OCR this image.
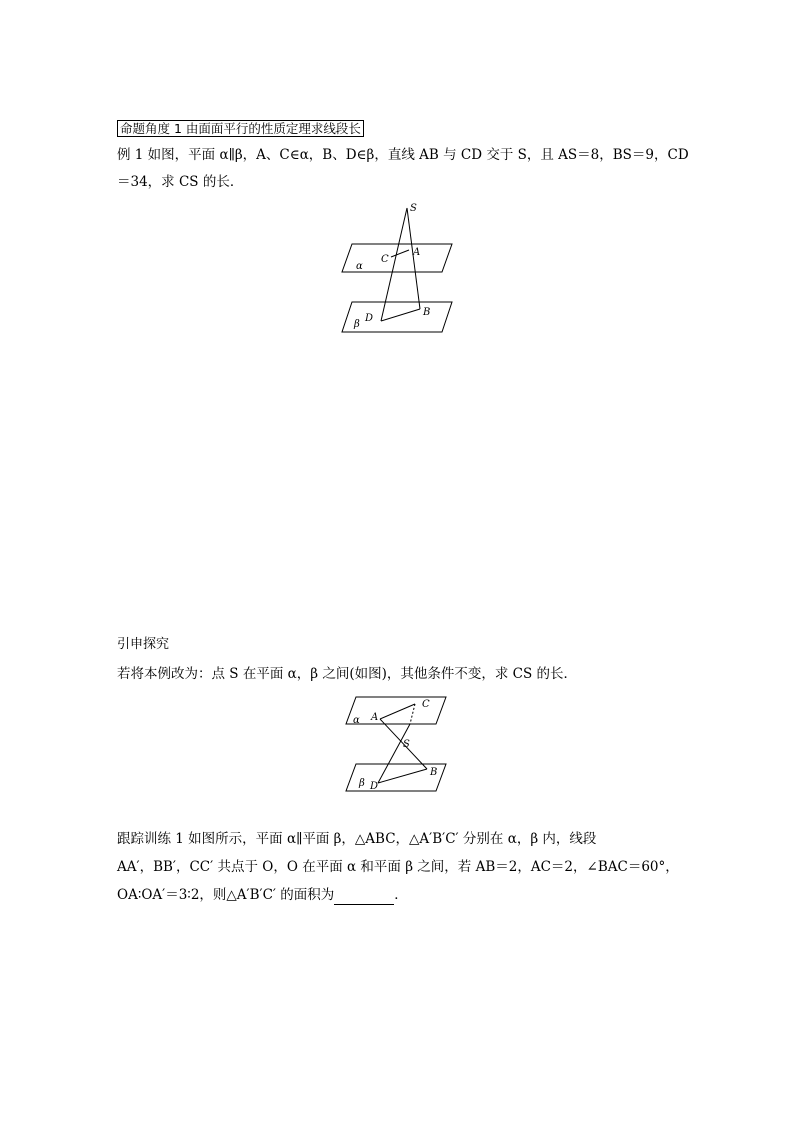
命题角度 1 由面面平行的性质定理求线段长
例 1 如图，平面 α∥β，A、C∈α，B、D∈β，直线 AB 与 CD 交于 S，且 AS＝8，BS＝9，CD
＝34，求 CS 的长．
S
A
C
α
β
D
B
引申探究
若将本例改为：点 S 在平面 α，β 之间(如图)，其他条件不变，求 CS 的长．
α A
C
S
β D
B
跟踪训练 1 如图所示，平面 α∥平面 β，△ABC，△A′B′C′ 分别在 α，β 内，线段
AA′，BB′，CC′ 共点于 O，O 在平面 α 和平面 β 之间，若 AB＝2，AC＝2，∠BAC＝60°，
OA∶OA′＝3∶2，则△A′B′C′ 的面积为	．
